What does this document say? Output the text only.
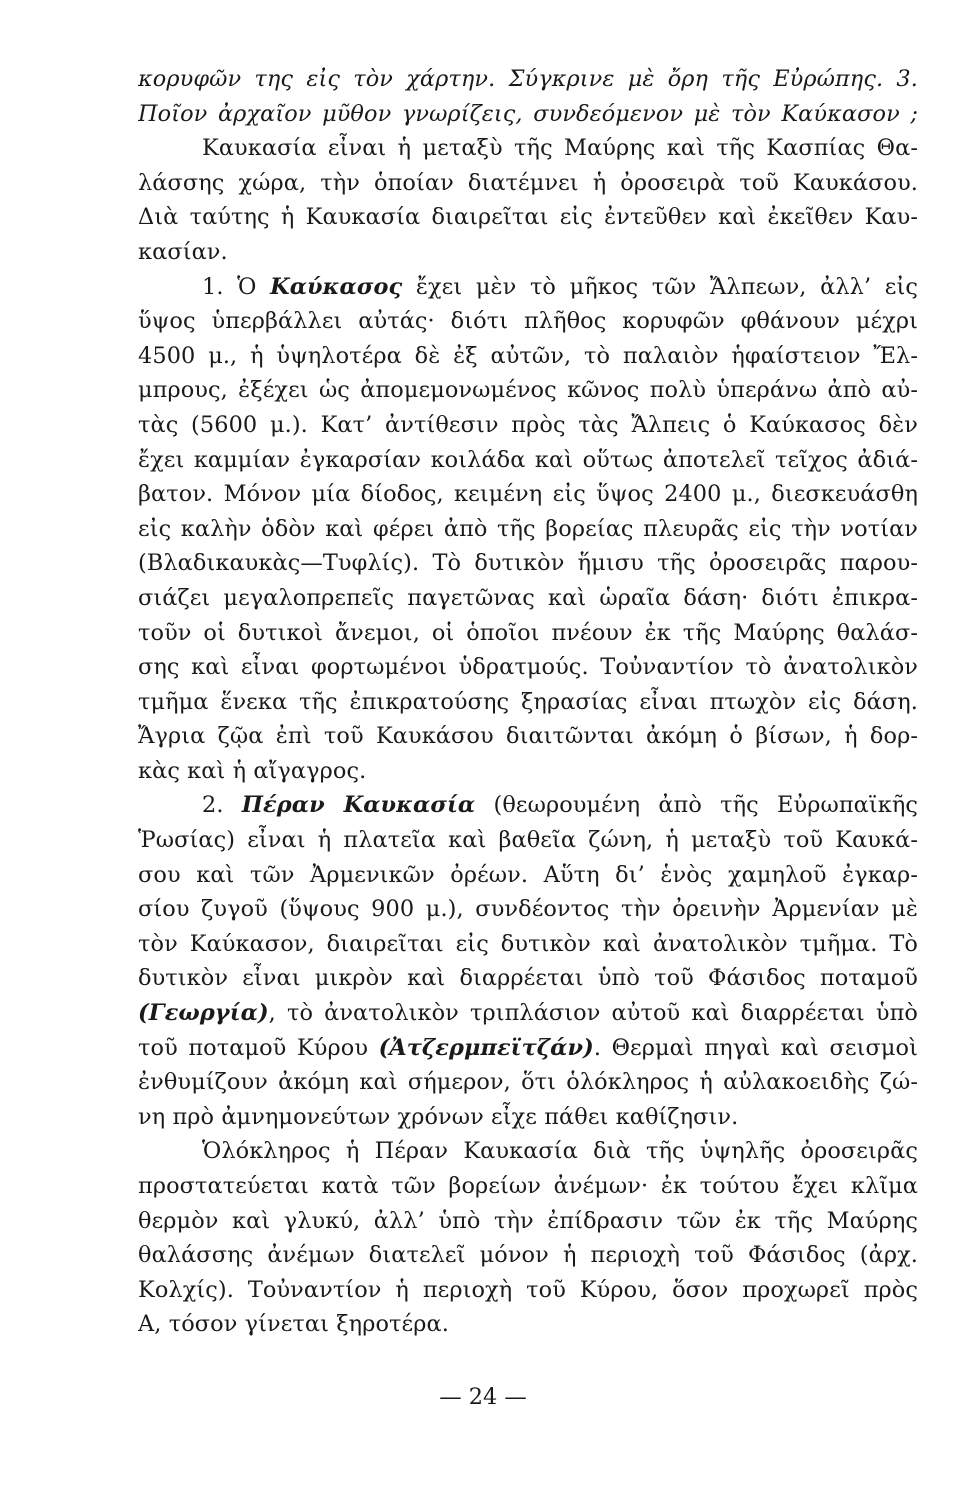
κορυφῶν της εἰς τὸν χάρτην. Σύγκρινε μὲ ὄρη τῆς Εὐρώπης. 3.
Ποῖον ἀρχαῖον μῦθον γνωρίζεις, συνδεόμενον μὲ τὸν Καύκασον ;
Καυκασία εἶναι ἡ μεταξὺ τῆς Μαύρης καὶ τῆς Κασπίας Θα-
λάσσης χώρα, τὴν ὁποίαν διατέμνει ἡ ὀροσειρὰ τοῦ Καυκάσου.
Διὰ ταύτης ἡ Καυκασία διαιρεῖται εἰς ἐντεῦθεν καὶ ἐκεῖθεν Καυ-
κασίαν.
1. Ὁ Καύκασος ἔχει μὲν τὸ μῆκος τῶν Ἄλπεων, ἀλλ’ εἰς
ὕψος ὑπερβάλλει αὐτάς· διότι πλῆθος κορυφῶν φθάνουν μέχρι
4500 μ., ἡ ὑψηλοτέρα δὲ ἐξ αὐτῶν, τὸ παλαιὸν ἡφαίστειον Ἔλ-
μπρους, ἐξέχει ὡς ἀπομεμονωμένος κῶνος πολὺ ὑπεράνω ἀπὸ αὐ-
τὰς (5600 μ.). Κατ’ ἀντίθεσιν πρὸς τὰς Ἄλπεις ὁ Καύκασος δὲν
ἔχει καμμίαν ἐγκαρσίαν κοιλάδα καὶ οὕτως ἀποτελεῖ τεῖχος ἀδιά-
βατον. Μόνον μία δίοδος, κειμένη εἰς ὕψος 2400 μ., διεσκευάσθη
εἰς καλὴν ὁδὸν καὶ φέρει ἀπὸ τῆς βορείας πλευρᾶς εἰς τὴν νοτίαν
(Βλαδικαυκὰς—Τυφλίς). Τὸ δυτικὸν ἥμισυ τῆς ὀροσειρᾶς παρου-
σιάζει μεγαλοπρεπεῖς παγετῶνας καὶ ὡραῖα δάση· διότι ἐπικρα-
τοῦν οἱ δυτικοὶ ἄνεμοι, οἱ ὁποῖοι πνέουν ἐκ τῆς Μαύρης θαλάσ-
σης καὶ εἶναι φορτωμένοι ὑδρατμούς. Τοὐναντίον τὸ ἀνατολικὸν
τμῆμα ἕνεκα τῆς ἐπικρατούσης ξηρασίας εἶναι πτωχὸν εἰς δάση.
Ἄγρια ζῷα ἐπὶ τοῦ Καυκάσου διαιτῶνται ἀκόμη ὁ βίσων, ἡ δορ-
κὰς καὶ ἡ αἴγαγρος.
2. Πέραν Καυκασία (θεωρουμένη ἀπὸ τῆς Εὐρωπαϊκῆς
Ῥωσίας) εἶναι ἡ πλατεῖα καὶ βαθεῖα ζώνη, ἡ μεταξὺ τοῦ Καυκά-
σου καὶ τῶν Ἀρμενικῶν ὀρέων. Αὕτη δι’ ἑνὸς χαμηλοῦ ἐγκαρ-
σίου ζυγοῦ (ὕψους 900 μ.), συνδέοντος τὴν ὀρεινὴν Ἀρμενίαν μὲ
τὸν Καύκασον, διαιρεῖται εἰς δυτικὸν καὶ ἀνατολικὸν τμῆμα. Τὸ
δυτικὸν εἶναι μικρὸν καὶ διαρρέεται ὑπὸ τοῦ Φάσιδος ποταμοῦ
(Γεωργία), τὸ ἀνατολικὸν τριπλάσιον αὐτοῦ καὶ διαρρέεται ὑπὸ
τοῦ ποταμοῦ Κύρου (Ἀτζερμπεϊτζάν). Θερμαὶ πηγαὶ καὶ σεισμοὶ
ἐνθυμίζουν ἀκόμη καὶ σήμερον, ὅτι ὁλόκληρος ἡ αὐλακοειδὴς ζώ-
νη πρὸ ἀμνημονεύτων χρόνων εἶχε πάθει καθίζησιν.
Ὁλόκληρος ἡ Πέραν Καυκασία διὰ τῆς ὑψηλῆς ὀροσειρᾶς
προστατεύεται κατὰ τῶν βορείων ἀνέμων· ἐκ τούτου ἔχει κλῖμα
θερμὸν καὶ γλυκύ, ἀλλ’ ὑπὸ τὴν ἐπίδρασιν τῶν ἐκ τῆς Μαύρης
θαλάσσης ἀνέμων διατελεῖ μόνον ἡ περιοχὴ τοῦ Φάσιδος (ἀρχ.
Κολχίς). Τοὐναντίον ἡ περιοχὴ τοῦ Κύρου, ὅσον προχωρεῖ πρὸς
Α, τόσον γίνεται ξηροτέρα.
— 24 —
